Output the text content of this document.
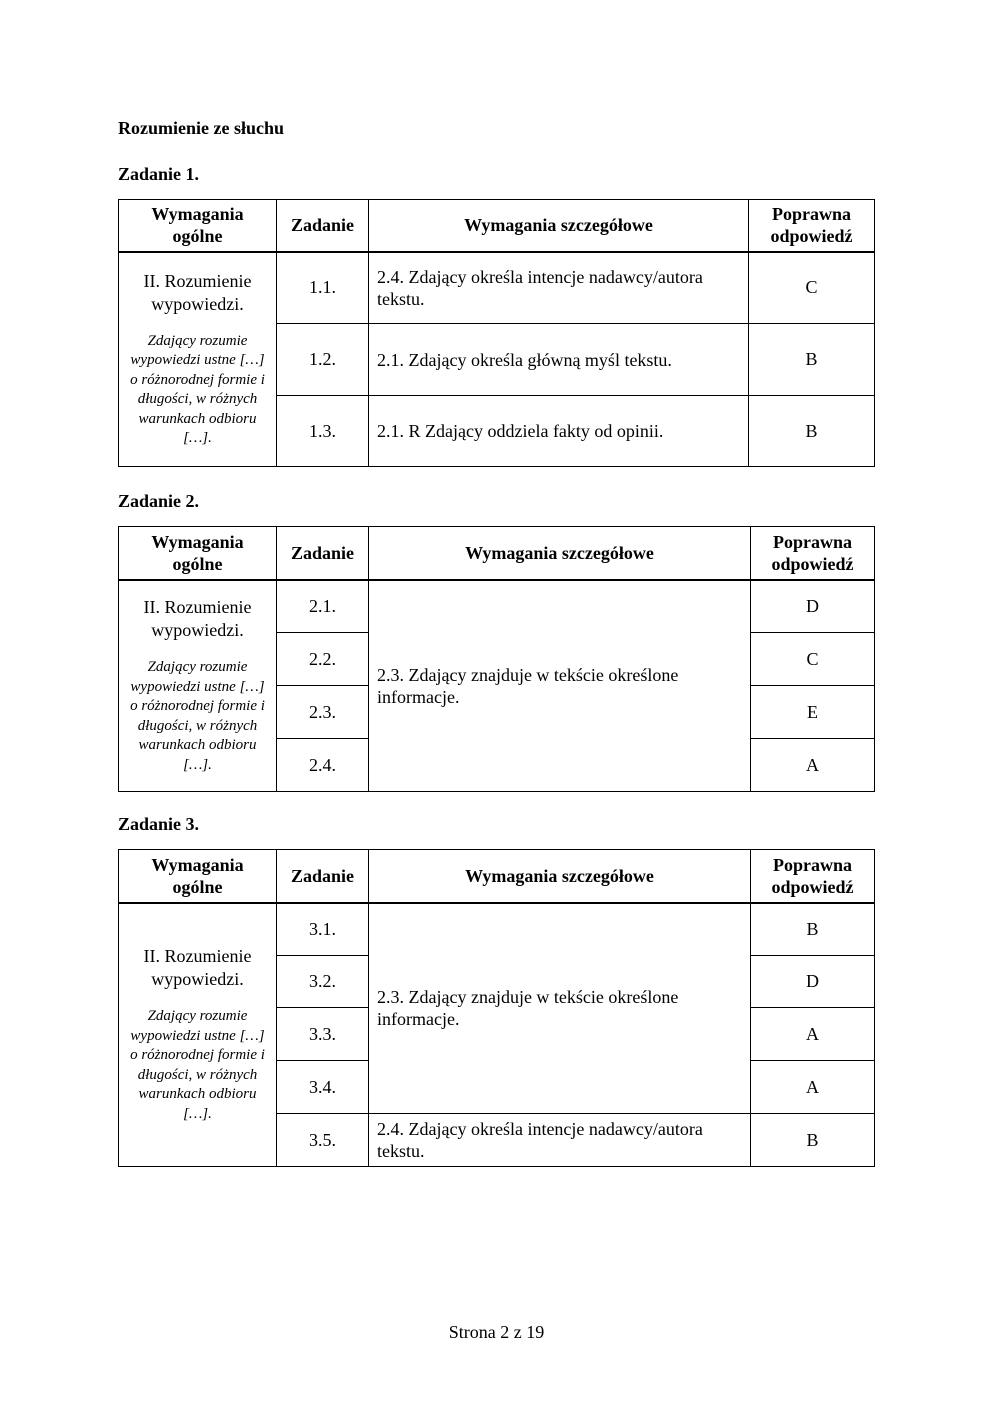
Rozumienie ze słuchu
Zadanie 1.
Wymagania ogólne	Zadanie	Wymagania szczegółowe	Poprawna odpowiedź

II. Rozumienie wypowiedzi.
Zdający rozumie wypowiedzi ustne […] o różnorodnej formie i długości, w różnych warunkach odbioru […].	1.1.	2.4. Zdający określa intencje nadawcy/autora tekstu.	C
	1.2.	2.1. Zdający określa główną myśl tekstu.	B
	1.3.	2.1. R Zdający oddziela fakty od opinii.	B
Zadanie 2.
Wymagania ogólne	Zadanie	Wymagania szczegółowe	Poprawna odpowiedź

II. Rozumienie wypowiedzi.
Zdający rozumie wypowiedzi ustne […] o różnorodnej formie i długości, w różnych warunkach odbioru […].	2.1.	2.3. Zdający znajduje w tekście określone informacje.	D
	2.2.		C
	2.3.		E
	2.4.		A
Zadanie 3.
Wymagania ogólne	Zadanie	Wymagania szczegółowe	Poprawna odpowiedź

II. Rozumienie wypowiedzi.
Zdający rozumie wypowiedzi ustne […] o różnorodnej formie i długości, w różnych warunkach odbioru […].	3.1.	2.3. Zdający znajduje w tekście określone informacje.	B
	3.2.		D
	3.3.		A
	3.4.		A
	3.5.	2.4. Zdający określa intencje nadawcy/autora tekstu.	B
Strona 2 z 19
